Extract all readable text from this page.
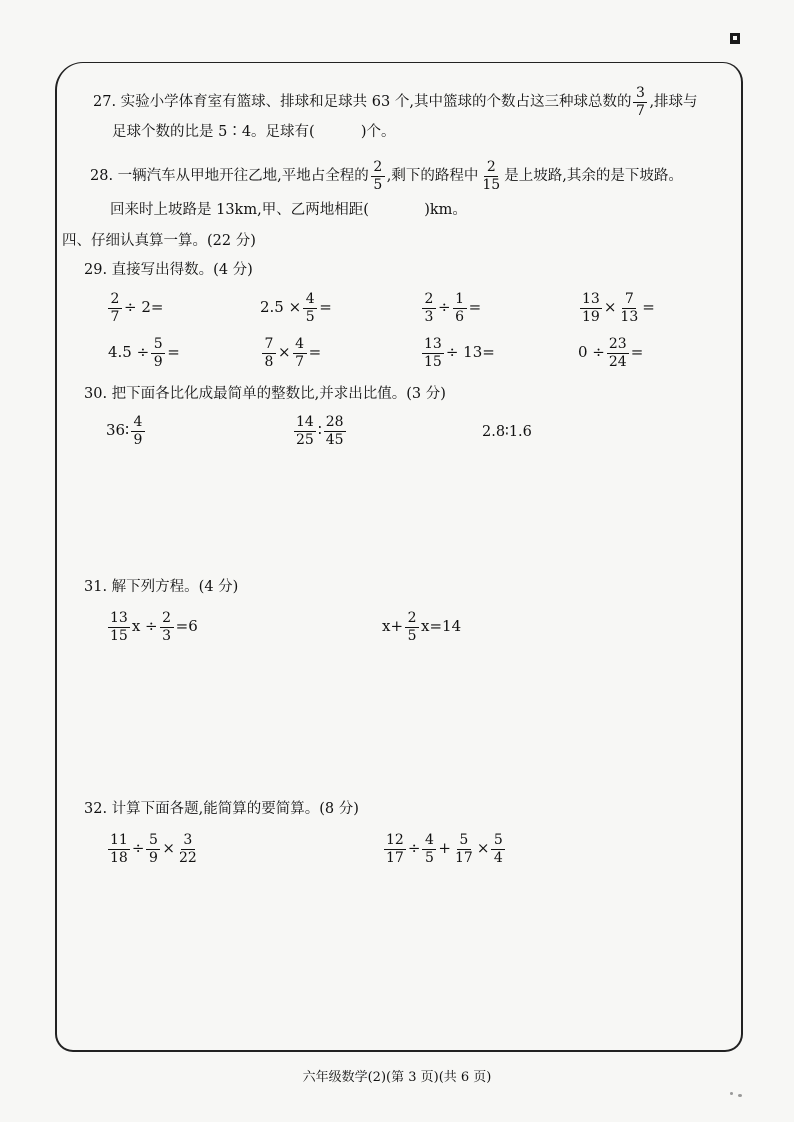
27. 实验小学体育室有篮球、排球和足球共 63 个,其中篮球的个数占这三种球总数的 $\frac{3}{7}$ ,排球与
足球个数的比是 5∶4。足球有(	)个。
28. 一辆汽车从甲地开往乙地,平地占全程的 $\frac{2}{5}$ ,剩下的路程中 $\frac{2}{15}$ 是上坡路,其余的是下坡路。
回来时上坡路是 13km,甲、乙两地相距(	)km。
四、仔细认真算一算。(22 分)
29. 直接写出得数。(4 分)
$\frac{2}{7} \div 2=$	$2.5 \times \frac{4}{5}$ =	$\frac{2}{3} \div \frac{1}{6}$ =	$\frac{13}{19} \times \frac{7}{13}$ =
$4.5 \div \frac{5}{9}$ =	$\frac{7}{8} \times \frac{4}{7}$ =	$\frac{13}{15} \div 13=$	$0 \div \frac{23}{24}$ =
30. 把下面各比化成最简单的整数比,并求出比值。(3 分)
36∶ $\frac{4}{9}$	$\frac{14}{25}$ ∶ $\frac{28}{45}$	2.8∶1.6
31. 解下列方程。(4 分)
$\frac{13}{15}$ $x \div \frac{2}{3} =6$	$x+ \frac{2}{5} x=14$
32. 计算下面各题,能简算的要简算。(8 分)
$\frac{11}{18} \div \frac{5}{9} \times \frac{3}{22}$	$\frac{12}{17} \div \frac{4}{5} + \frac{5}{17} \times \frac{5}{4}$
六年级数学(2)(第 3 页)(共 6 页)
